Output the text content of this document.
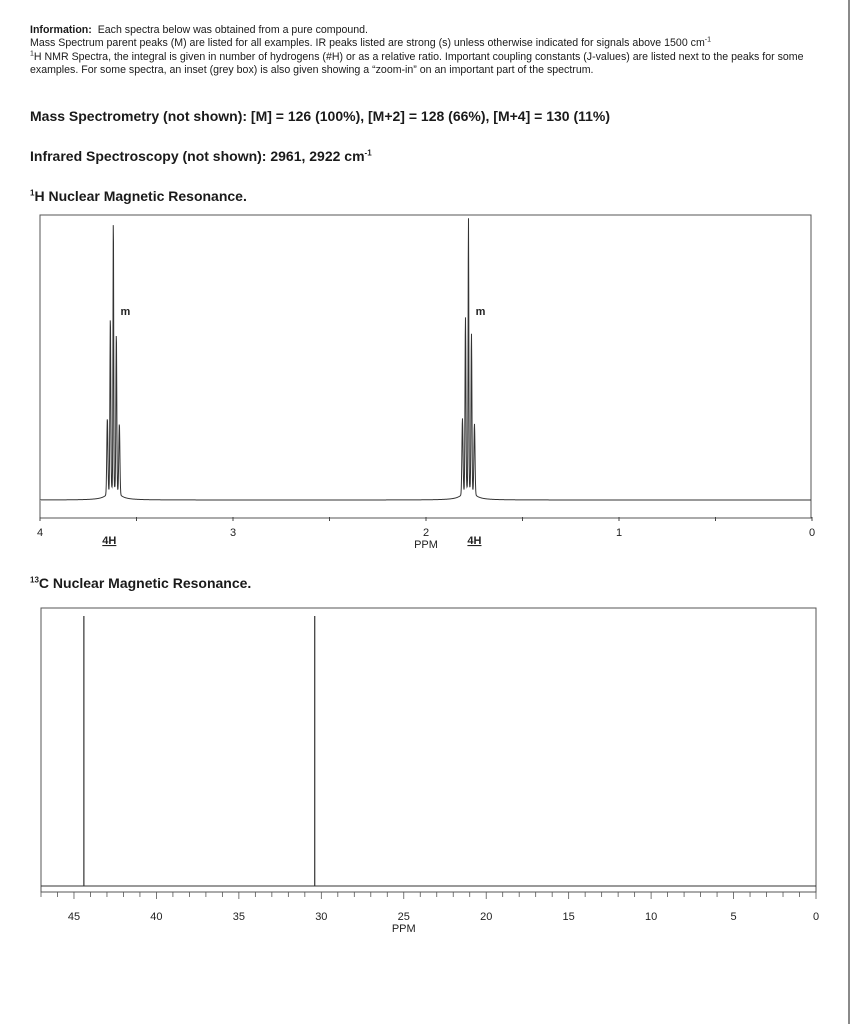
Information: Each spectra below was obtained from a pure compound.

Mass Spectrum parent peaks (M) are listed for all examples. IR peaks listed are strong (s) unless otherwise indicated for signals above 1500 $cm^{-1}$

$^1$H NMR Spectra, the integral is given in number of hydrogens (#H) or as a relative ratio. Important coupling constants (J-values) are listed next to the peaks for some examples. For some spectra, an inset (grey box) is also given showing a “zoom-in” on an important part of the spectrum.

Mass Spectrometry (not shown): [M] = 126 (100%), [M+2] = 128 (66%), [M+4] = 130 (11%)
Infrared Spectroscopy (not shown): 2961, 2922 $cm^{-1}$
$^1$H Nuclear Magnetic Resonance.
m
4H
m
4H
4	3	2	1	0
PPM
$^{13}$C Nuclear Magnetic Resonance.
45	40	35	30	25	20	15	10	5	0
PPM
